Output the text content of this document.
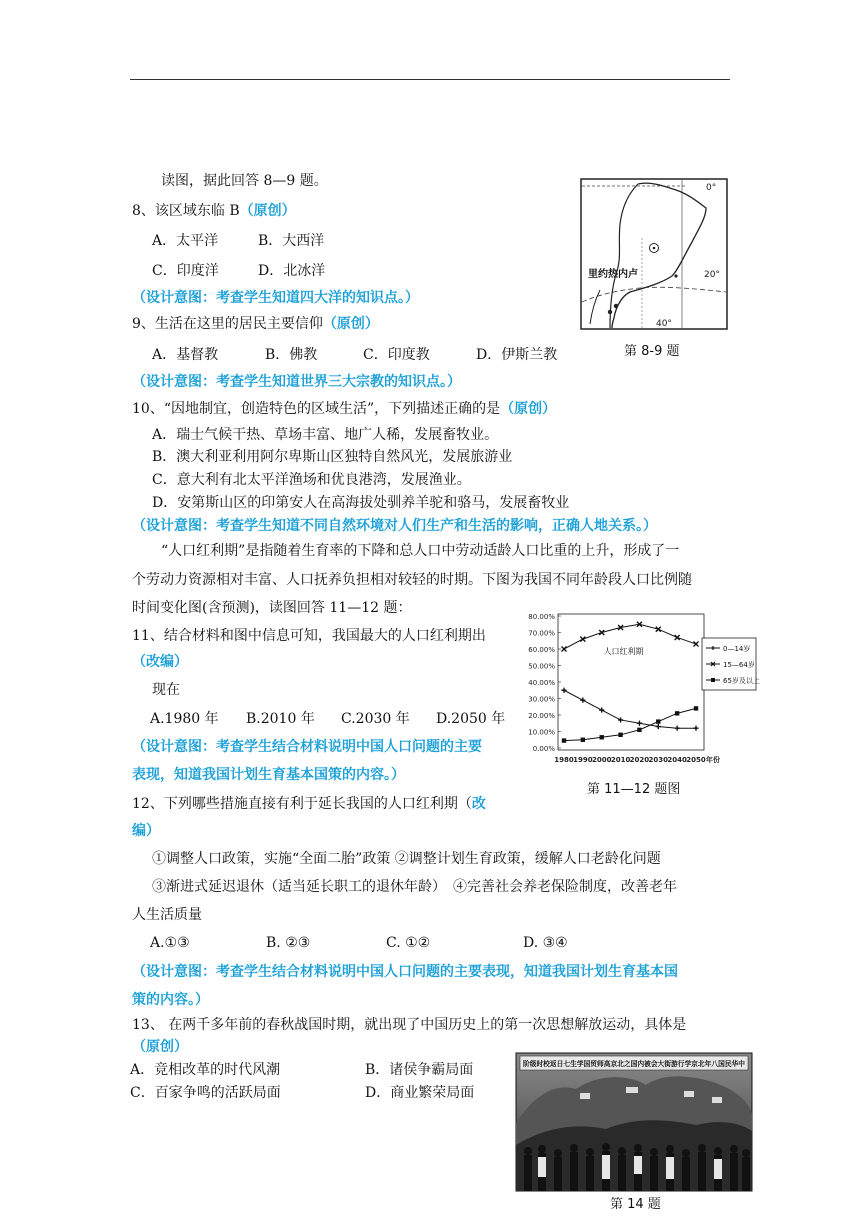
读图，据此回答 8—9 题。
8、该区域东临 B（原创）
A．太平洋	B．大西洋
C．印度洋	D．北冰洋
（设计意图：考查学生知道四大洋的知识点。）
9、生活在这里的居民主要信仰（原创）
A．基督教	B．佛教	C．印度教	D．伊斯兰教
（设计意图：考查学生知道世界三大宗教的知识点。）
0°
里约热内卢	20°
40°
第 8-9 题
10、“因地制宜，创造特色的区域生活”，下列描述正确的是（原创）
A．瑞士气候干热、草场丰富、地广人稀，发展畜牧业。
B．澳大利亚利用阿尔卑斯山区独特自然风光，发展旅游业
C．意大利有北太平洋渔场和优良港湾，发展渔业。
D．安第斯山区的印第安人在高海拔处驯养羊驼和骆马，发展畜牧业
（设计意图：考查学生知道不同自然环境对人们生产和生活的影响，正确人地关系。）
“人口红利期”是指随着生育率的下降和总人口中劳动适龄人口比重的上升，形成了一
个劳动力资源相对丰富、人口抚养负担相对较轻的时期。下图为我国不同年龄段人口比例随
时间变化图(含预测)，读图回答 11—12 题：
11、结合材料和图中信息可知，我国最大的人口红利期出
（改编）
现在
A.1980 年 B.2010 年 C.2030 年 D.2050 年
（设计意图：考查学生结合材料说明中国人口问题的主要
表现，知道我国计划生育基本国策的内容。）
0.00%
10.00%
20.00%
30.00%
40.00%
50.00%
60.00%
70.00%
80.00%
1980 1990 2000 2010 2020 2030 2040 2050 年份
人口红利期	0—14岁
15—64岁
65岁及以上
第 11—12 题图
12、下列哪些措施直接有利于延长我国的人口红利期（改
编）
①调整人口政策，实施“全面二胎”政策 ②调整计划生育政策，缓解人口老龄化问题
③渐进式延迟退休（适当延长职工的退休年龄）　④完善社会养老保险制度，改善老年
人生活质量
A.①③	B. ②③	C. ①②	D. ③④
（设计意图：考查学生结合材料说明中国人口问题的主要表现，知道我国计划生育基本国
策的内容。）
13、 在两千多年前的春秋战国时期，就出现了中国历史上的第一次思想解放运动，具体是
（原创）
A．竞相改革的时代风潮	B．诸侯争霸局面
C．百家争鸣的活跃局面	D．商业繁荣局面
阶级时校返日七生学国贸师高京北之国内被会大街游行学京北年八国民华中
第 14 题
